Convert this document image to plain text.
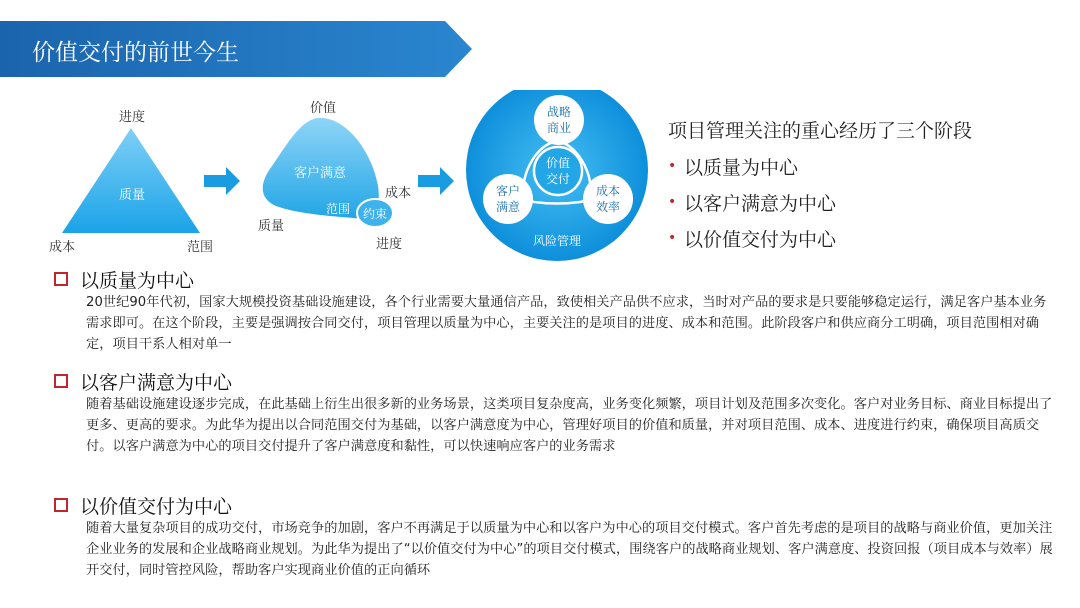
价值交付的前世今生
进度
成本	范围
质量
价值
质量
成本
进度
客户满意
范围 约束
战略商业
客户满意
成本效率
价值交付
风险管理
项目管理关注的重心经历了三个阶段
• 以质量为中心
• 以客户满意为中心
• 以价值交付为中心
以质量为中心
20世纪90年代初，国家大规模投资基础设施建设，各个行业需要大量通信产品，致使相关产品供不应求，当时对产品的要求是只要能够稳定运行，满足客户基本业务需求即可。在这个阶段，主要是强调按合同交付，项目管理以质量为中心，主要关注的是项目的进度、成本和范围。此阶段客户和供应商分工明确，项目范围相对确定，项目干系人相对单一
以客户满意为中心
随着基础设施建设逐步完成，在此基础上衍生出很多新的业务场景，这类项目复杂度高，业务变化频繁，项目计划及范围多次变化。客户对业务目标、商业目标提出了更多、更高的要求。为此华为提出以合同范围交付为基础，以客户满意度为中心，管理好项目的价值和质量，并对项目范围、成本、进度进行约束，确保项目高质交付。以客户满意为中心的项目交付提升了客户满意度和黏性，可以快速响应客户的业务需求
以价值交付为中心
随着大量复杂项目的成功交付，市场竞争的加剧，客户不再满足于以质量为中心和以客户为中心的项目交付模式。客户首先考虑的是项目的战略与商业价值，更加关注企业业务的发展和企业战略商业规划。为此华为提出了“以价值交付为中心”的项目交付模式，围绕客户的战略商业规划、客户满意度、投资回报（项目成本与效率）展开交付，同时管控风险，帮助客户实现商业价值的正向循环
